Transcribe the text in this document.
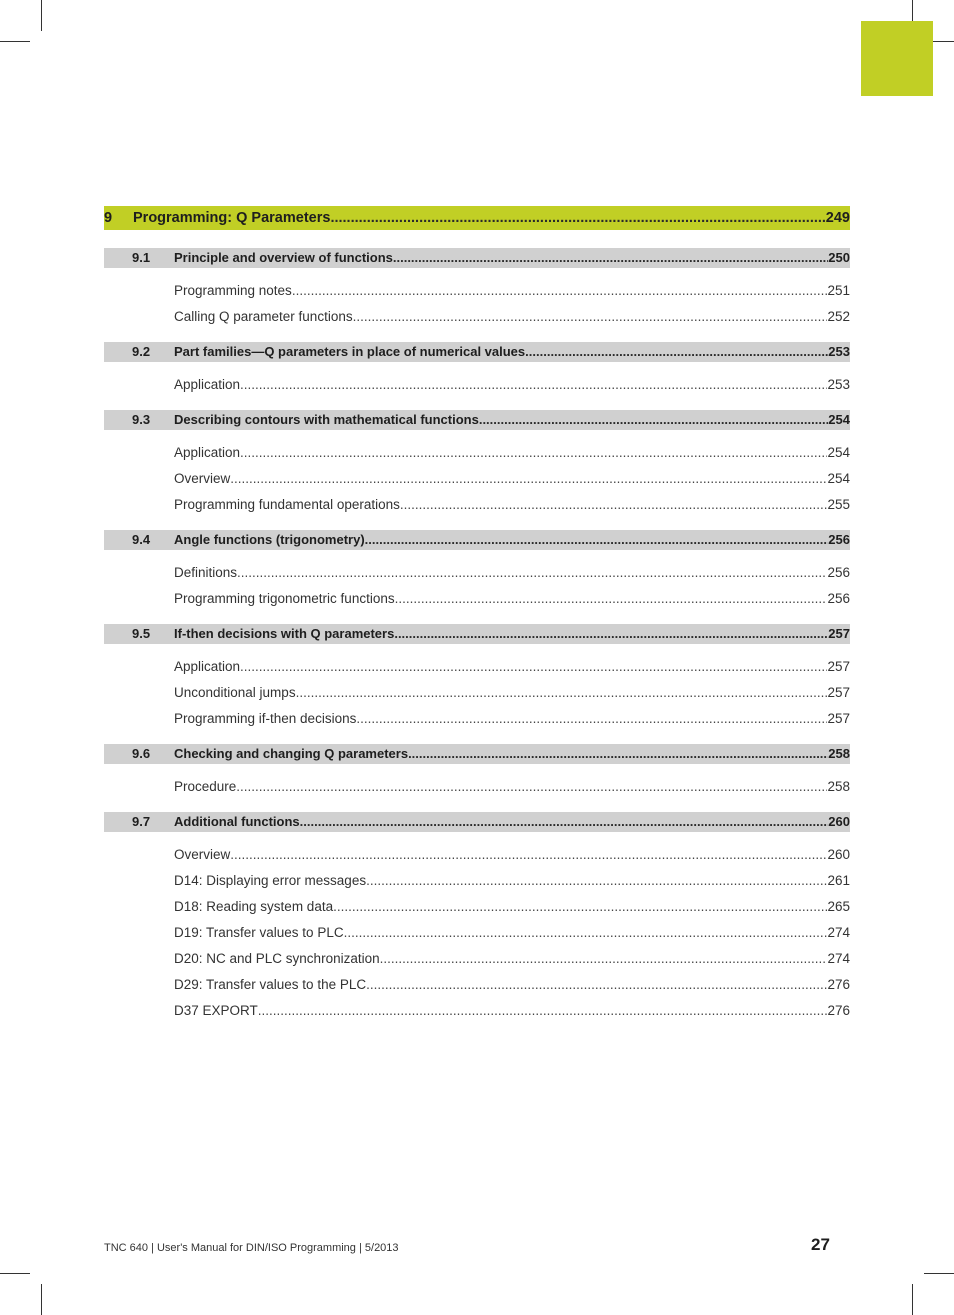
9	Programming: Q Parameters .....	249
9.1	Principle and overview of functions .....	250
Programming notes .....	251
Calling Q parameter functions .....	252
9.2	Part families—Q parameters in place of numerical values .....	253
Application .....	253
9.3	Describing contours with mathematical functions .....	254
Application .....	254
Overview .....	254
Programming fundamental operations .....	255
9.4	Angle functions (trigonometry) .....	256
Definitions .....	256
Programming trigonometric functions .....	256
9.5	If-then decisions with Q parameters .....	257
Application .....	257
Unconditional jumps .....	257
Programming if-then decisions .....	257
9.6	Checking and changing Q parameters .....	258
Procedure .....	258
9.7	Additional functions .....	260
Overview .....	260
D14: Displaying error messages .....	261
D18: Reading system data .....	265
D19: Transfer values to PLC .....	274
D20: NC and PLC synchronization .....	274
D29: Transfer values to the PLC .....	276
D37 EXPORT .....	276
TNC 640 | User's Manual for DIN/ISO Programming | 5/2013	27
